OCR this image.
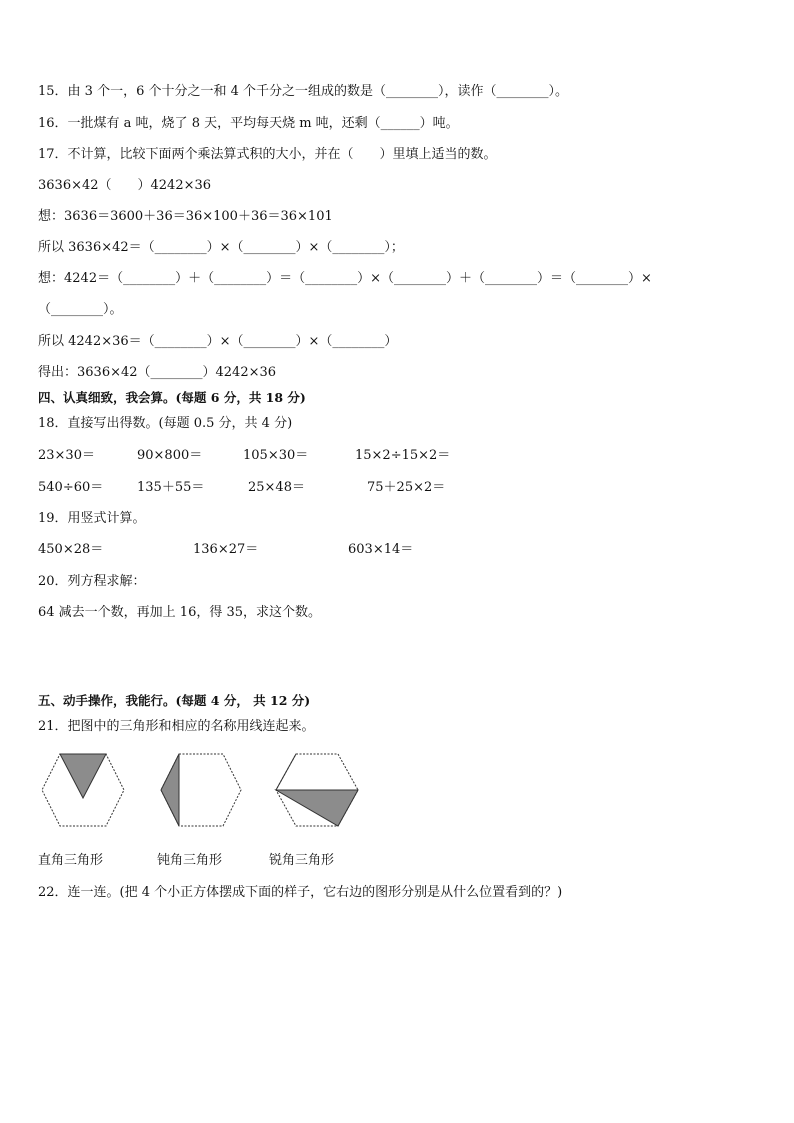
15．由 3 个一，6 个十分之一和 4 个千分之一组成的数是（________），读作（________）。
16．一批煤有 a 吨，烧了 8 天，平均每天烧 m 吨，还剩（______）吨。
17．不计算，比较下面两个乘法算式积的大小，并在（　　）里填上适当的数。
3636×42（　　）4242×36
想：3636＝3600＋36＝36×100＋36＝36×101
所以 3636×42＝（________）×（________）×（________）；
想：4242＝（________）＋（________）＝（________）×（________）＋（________）＝（________）×
（________）。
所以 4242×36＝（________）×（________）×（________）
得出：3636×42（________）4242×36
四、认真细致，我会算。(每题 6 分，共 18 分)
18．直接写出得数。(每题 0.5 分，共 4 分)
23×30＝	90×800＝	105×30＝	15×2÷15×2＝
540÷60＝	135＋55＝	25×48＝	75＋25×2＝
19．用竖式计算。
450×28＝	136×27＝	603×14＝
20．列方程求解：
64 减去一个数，再加上 16，得 35，求这个数。
五、动手操作，我能行。(每题 4 分， 共 12 分)
21．把图中的三角形和相应的名称用线连起来。
直角三角形	钝角三角形	锐角三角形
22．连一连。(把 4 个小正方体摆成下面的样子，它右边的图形分别是从什么位置看到的？)
